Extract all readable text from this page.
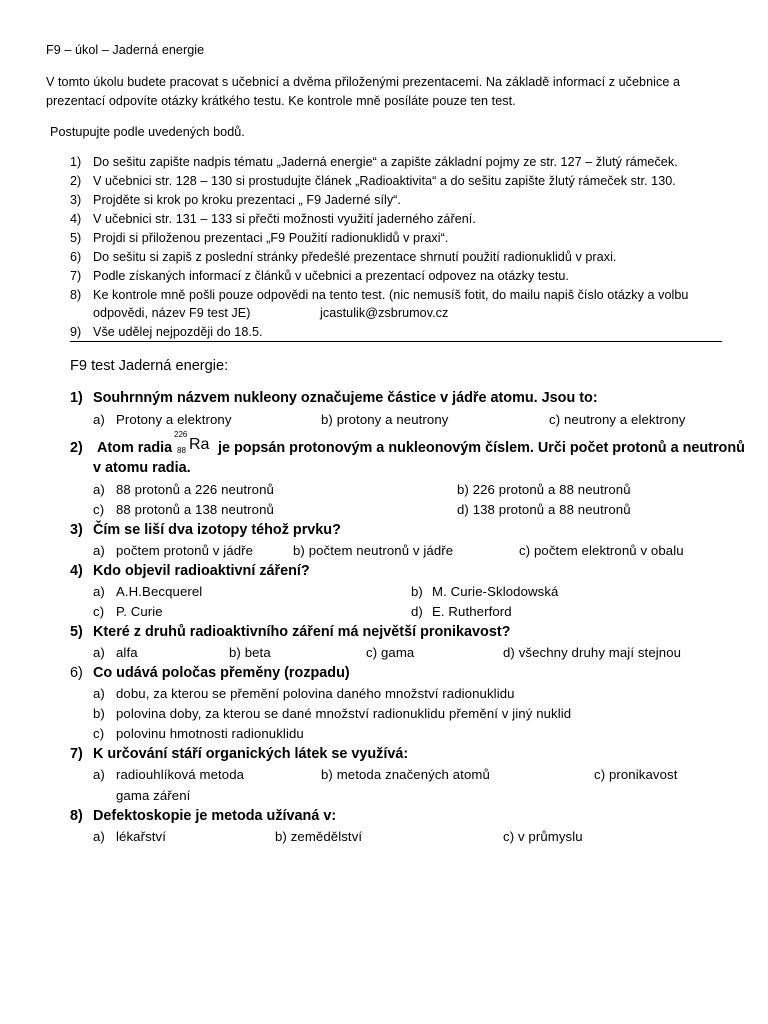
F9 – úkol – Jaderná energie
V tomto úkolu budete pracovat s učebnicí a dvěma přiloženými prezentacemi. Na základě informací z učebnice a
prezentací odpovíte otázky krátkého testu. Ke kontrole mně posíláte pouze ten test.
Postupujte podle uvedených bodů.
1) Do sešitu zapište nadpis tématu „Jaderná energie“ a zapište základní pojmy ze str. 127 – žlutý rámeček.
2) V učebnici str. 128 – 130 si prostudujte článek „Radioaktivita“ a do sešitu zapište žlutý rámeček str. 130.
3) Projděte si krok po kroku prezentaci „ F9 Jaderné síly“.
4) V učebnici str. 131 – 133 si přečti možnosti využití jaderného záření.
5) Projdi si přiloženou prezentaci „F9 Použití radionuklidů v praxi“.
6) Do sešitu si zapiš z poslední stránky předešlé prezentace shrnutí použití radionuklidů v praxi.
7) Podle získaných informací z článků v učebnici a prezentací odpovez na otázky testu.
8) Ke kontrole mně pošli pouze odpovědi na tento test. (nic nemusíš fotit, do mailu napiš číslo otázky a volbu
odpovědi, název F9 test JE)	jcastulik@zsbrumov.cz
9) Vše udělej nejpozději do 18.5.
F9 test Jaderná energie:
1) Souhrnným názvem nukleony označujeme částice v jádře atomu. Jsou to:
a) Protony a elektrony	b) protony a neutrony	c) neutrony a elektrony
2) Atom radia
226
88 Ra je popsán protonovým a nukleonovým číslem. Urči počet protonů a neutronů
v atomu radia.
a) 88 protonů a 226 neutronů	b) 226 protonů a 88 neutronů
c) 88 protonů a 138 neutronů	d) 138 protonů a 88 neutronů
3) Čím se liší dva izotopy téhož prvku?
a) počtem protonů v jádře	b) počtem neutronů v jádře	c) počtem elektronů v obalu
4) Kdo objevil radioaktivní záření?
a) A.H.Becquerel	b) M. Curie-Sklodowská
c) P. Curie	d) E. Rutherford
5) Které z druhů radioaktivního záření má největší pronikavost?
a) alfa	b) beta	c) gama	d) všechny druhy mají stejnou
6) Co udává poločas přeměny (rozpadu)
a) dobu, za kterou se přemění polovina daného množství radionuklidu
b) polovina doby, za kterou se dané množství radionuklidu přemění v jiný nuklid
c) polovinu hmotnosti radionuklidu
7) K určování stáří organických látek se využívá:
a) radiouhlíková metoda	b) metoda značených atomů	c) pronikavost
gama záření
8) Defektoskopie je metoda užívaná v:
a) lékařství	b) zemědělství	c) v průmyslu
